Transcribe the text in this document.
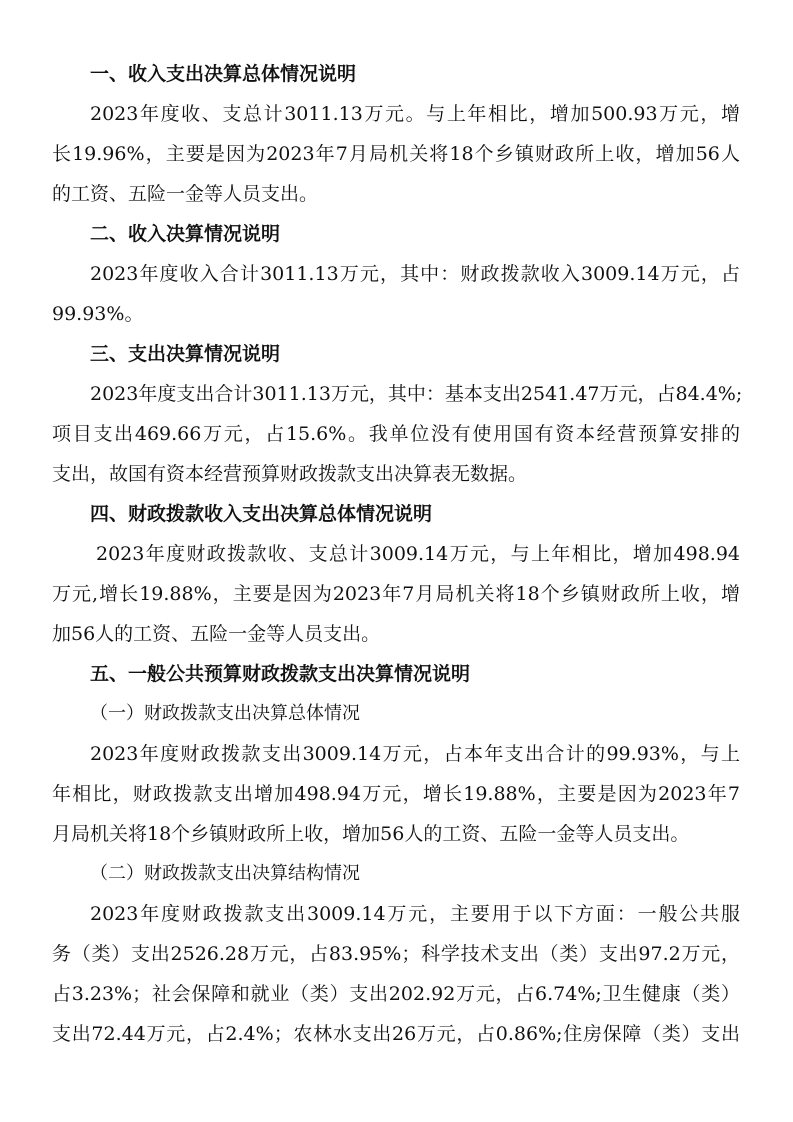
一、收入支出决算总体情况说明
2023年度收、支总计3011.13万元。与上年相比，增加500.93万元，增
长19.96%，主要是因为2023年7月局机关将18个乡镇财政所上收，增加56人
的工资、五险一金等人员支出。
二、收入决算情况说明
2023年度收入合计3011.13万元，其中：财政拨款收入3009.14万元，占
99.93%。
三、支出决算情况说明
2023年度支出合计3011.13万元，其中：基本支出2541.47万元，占84.4%;
项目支出469.66万元，占15.6%。我单位没有使用国有资本经营预算安排的
支出，故国有资本经营预算财政拨款支出决算表无数据。
四、财政拨款收入支出决算总体情况说明
2023年度财政拨款收、支总计3009.14万元，与上年相比，增加498.94
万元,增长19.88%，主要是因为2023年7月局机关将18个乡镇财政所上收，增
加56人的工资、五险一金等人员支出。
五、一般公共预算财政拨款支出决算情况说明
（一）财政拨款支出决算总体情况
2023年度财政拨款支出3009.14万元，占本年支出合计的99.93%，与上
年相比，财政拨款支出增加498.94万元，增长19.88%，主要是因为2023年7
月局机关将18个乡镇财政所上收，增加56人的工资、五险一金等人员支出。
（二）财政拨款支出决算结构情况
2023年度财政拨款支出3009.14万元，主要用于以下方面：一般公共服
务（类）支出2526.28万元，占83.95%；科学技术支出（类）支出97.2万元，
占3.23%；社会保障和就业（类）支出202.92万元，占6.74%;卫生健康（类）
支出72.44万元，占2.4%；农林水支出26万元，占0.86%;住房保障（类）支出
